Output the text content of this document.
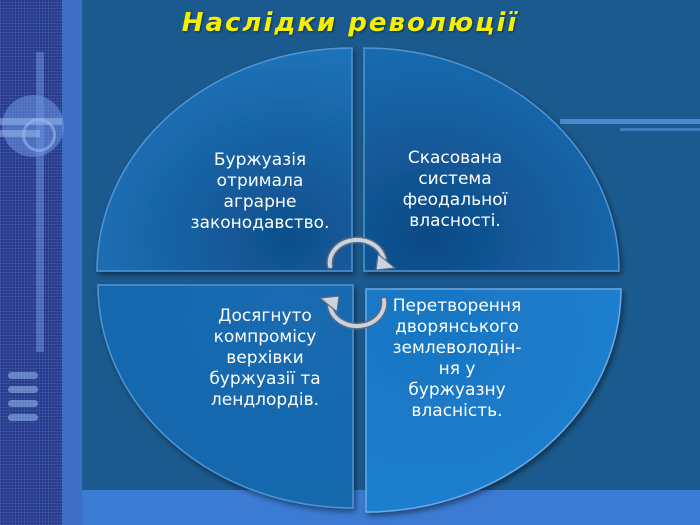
Наслідки революції
Буржуазія
отримала
аграрне
законодавство.
Скасована
система
феодальної
власності.
Досягнуто
компромісу
верхівки
буржуазії та
лендлордів.
Перетворення
дворянського
землеволодін-
ня у
буржуазну
власність.
